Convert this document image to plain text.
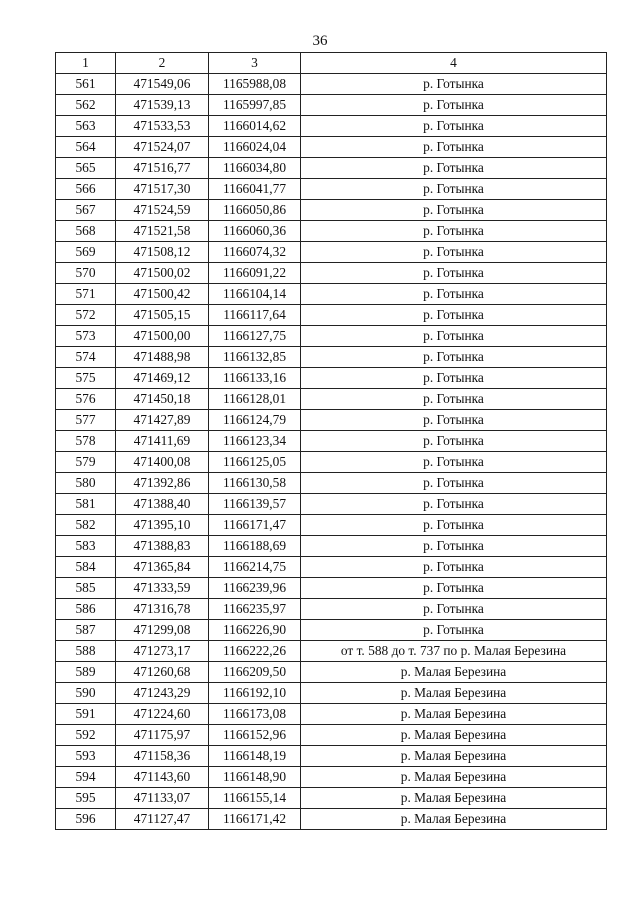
36
1	2	3	4
561	471549,06	1165988,08	р. Готынка
562	471539,13	1165997,85	р. Готынка
563	471533,53	1166014,62	р. Готынка
564	471524,07	1166024,04	р. Готынка
565	471516,77	1166034,80	р. Готынка
566	471517,30	1166041,77	р. Готынка
567	471524,59	1166050,86	р. Готынка
568	471521,58	1166060,36	р. Готынка
569	471508,12	1166074,32	р. Готынка
570	471500,02	1166091,22	р. Готынка
571	471500,42	1166104,14	р. Готынка
572	471505,15	1166117,64	р. Готынка
573	471500,00	1166127,75	р. Готынка
574	471488,98	1166132,85	р. Готынка
575	471469,12	1166133,16	р. Готынка
576	471450,18	1166128,01	р. Готынка
577	471427,89	1166124,79	р. Готынка
578	471411,69	1166123,34	р. Готынка
579	471400,08	1166125,05	р. Готынка
580	471392,86	1166130,58	р. Готынка
581	471388,40	1166139,57	р. Готынка
582	471395,10	1166171,47	р. Готынка
583	471388,83	1166188,69	р. Готынка
584	471365,84	1166214,75	р. Готынка
585	471333,59	1166239,96	р. Готынка
586	471316,78	1166235,97	р. Готынка
587	471299,08	1166226,90	р. Готынка
588	471273,17	1166222,26	от т. 588 до т. 737 по р. Малая Березина
589	471260,68	1166209,50	р. Малая Березина
590	471243,29	1166192,10	р. Малая Березина
591	471224,60	1166173,08	р. Малая Березина
592	471175,97	1166152,96	р. Малая Березина
593	471158,36	1166148,19	р. Малая Березина
594	471143,60	1166148,90	р. Малая Березина
595	471133,07	1166155,14	р. Малая Березина
596	471127,47	1166171,42	р. Малая Березина
